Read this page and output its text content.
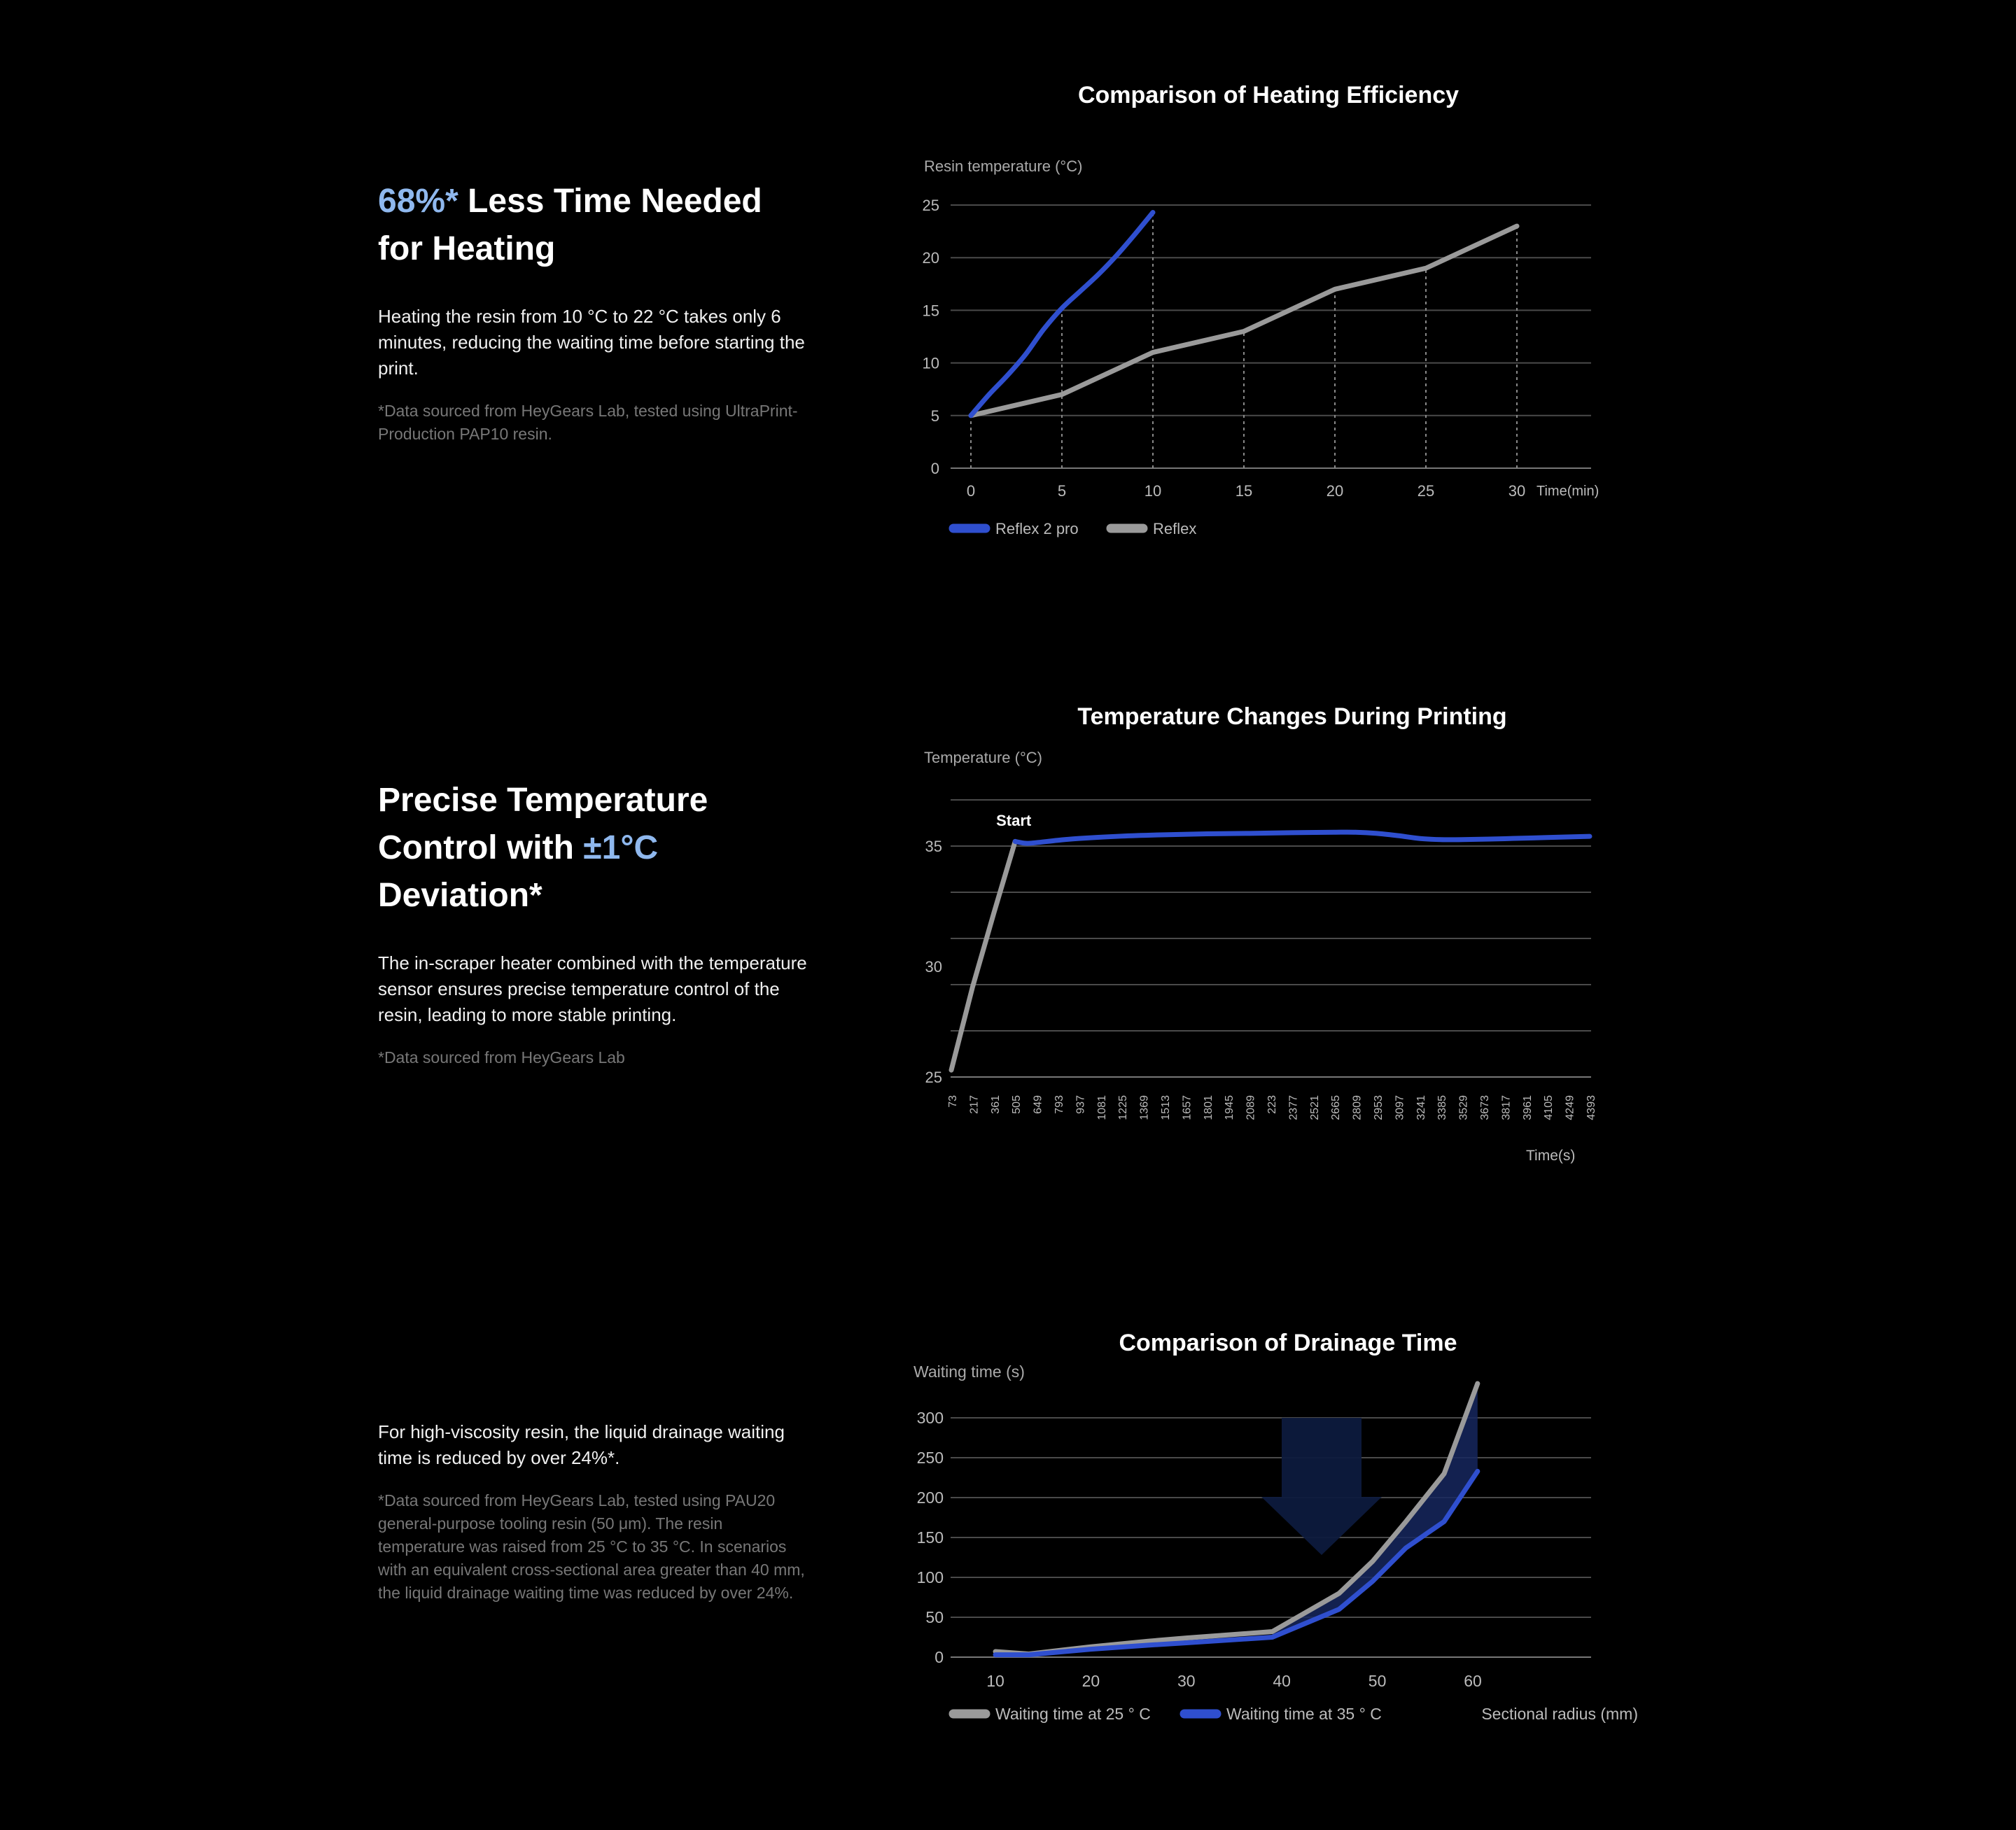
68%* Less Time Needed for Heating
Heating the resin from 10 °C to 22 °C takes only 6 minutes, reducing the waiting time before starting the print.
*Data sourced from HeyGears Lab, tested using UltraPrint-Production PAP10 resin.
Comparison of Heating Efficiency
Resin temperature (°C)
0
5
10
15
20
25
0	5	10	15	20	25	30 Time(min)
Reflex 2 pro	Reflex
Precise Temperature Control with ±1°C Deviation*
The in-scraper heater combined with the temperature sensor ensures precise temperature control of the resin, leading to more stable printing.
*Data sourced from HeyGears Lab
Temperature Changes During Printing
Temperature (°C)
25
30
35
73 217 361 505 649 793 937 1081 1225 1369 1513 1657 1801 1945 2089 223 2377 2521 2665 2809 2953 3097 3241 3385 3529 3673 3817 3961 4105 4249 4393
Time(s)
Start
For high-viscosity resin, the liquid drainage waiting time is reduced by over 24%*.
*Data sourced from HeyGears Lab, tested using PAU20 general-purpose tooling resin (50 μm). The resin temperature was raised from 25 °C to 35 °C. In scenarios with an equivalent cross-sectional area greater than 40 mm, the liquid drainage waiting time was reduced by over 24%.
Comparison of Drainage Time
Waiting time (s)
0
50
100
150
200
250
300
10	20	30	40	50	60
Waiting time at 25 ° C	Waiting time at 35 ° C	Sectional radius (mm)
